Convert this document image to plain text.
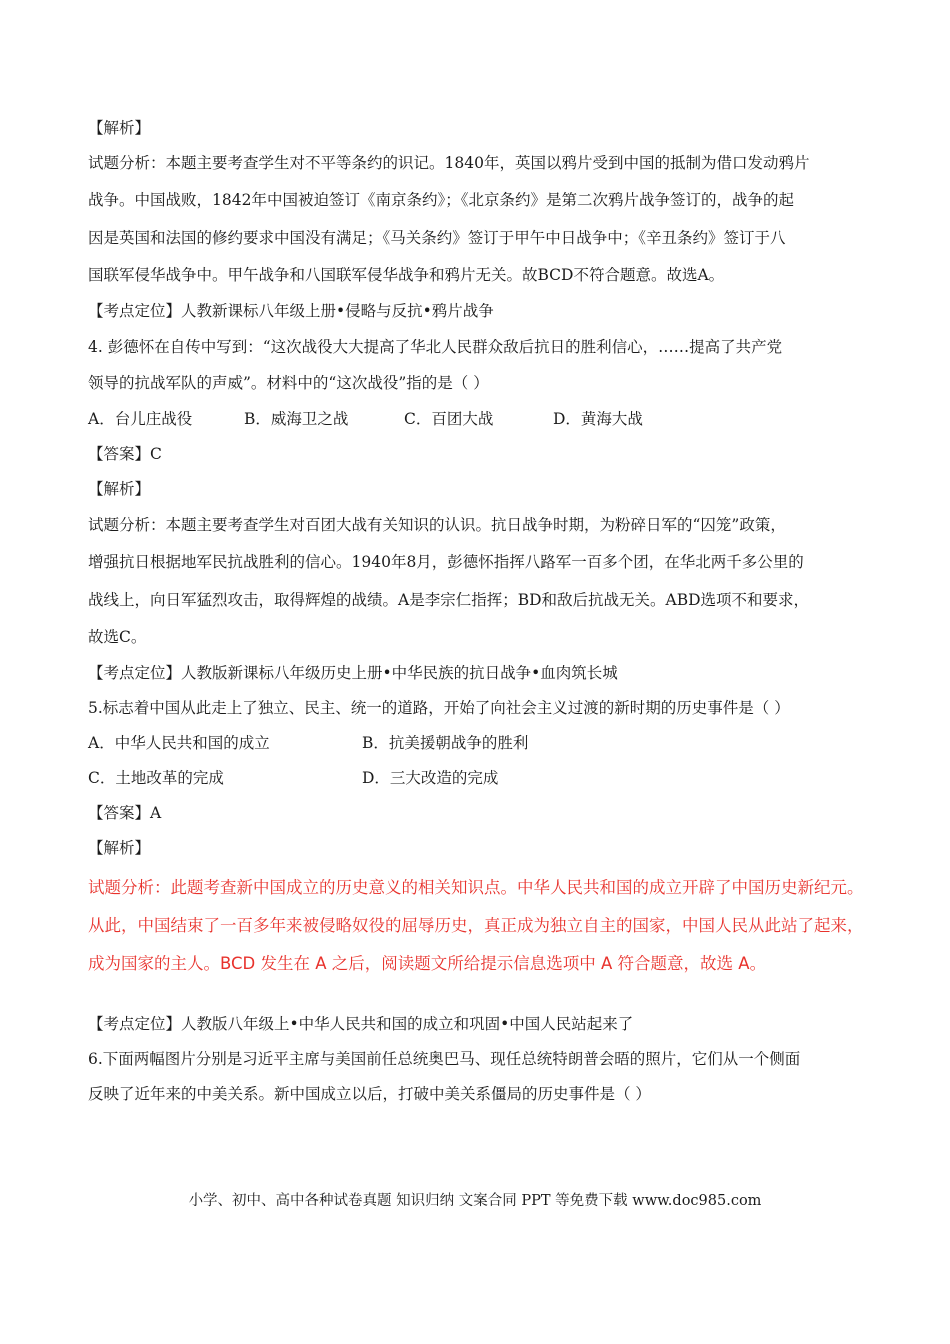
【解析】
试题分析：本题主要考查学生对不平等条约的识记。1840年，英国以鸦片受到中国的抵制为借口发动鸦片
战争。中国战败，1842年中国被迫签订《南京条约》；《北京条约》是第二次鸦片战争签订的，战争的起
因是英国和法国的修约要求中国没有满足；《马关条约》签订于甲午中日战争中；《辛丑条约》签订于八
国联军侵华战争中。甲午战争和八国联军侵华战争和鸦片无关。故BCD不符合题意。故选A。
【考点定位】人教新课标八年级上册•侵略与反抗•鸦片战争
4. 彭德怀在自传中写到：“这次战役大大提高了华北人民群众敌后抗日的胜利信心，……提高了共产党
领导的抗战军队的声威”。材料中的“这次战役”指的是（ ）
A．台儿庄战役	B．威海卫之战	C．百团大战	D．黄海大战
【答案】C
【解析】
试题分析：本题主要考查学生对百团大战有关知识的认识。抗日战争时期，为粉碎日军的“囚笼”政策，
增强抗日根据地军民抗战胜利的信心。1940年8月，彭德怀指挥八路军一百多个团，在华北两千多公里的
战线上，向日军猛烈攻击，取得辉煌的战绩。A是李宗仁指挥；BD和敌后抗战无关。ABD选项不和要求，
故选C。
【考点定位】人教版新课标八年级历史上册•中华民族的抗日战争•血肉筑长城
5.标志着中国从此走上了独立、民主、统一的道路，开始了向社会主义过渡的新时期的历史事件是（ ）
A．中华人民共和国的成立	B．抗美援朝战争的胜利
C．土地改革的完成	D．三大改造的完成
【答案】A
【解析】
试题分析：此题考查新中国成立的历史意义的相关知识点。中华人民共和国的成立开辟了中国历史新纪元。
从此，中国结束了一百多年来被侵略奴役的屈辱历史，真正成为独立自主的国家，中国人民从此站了起来，
成为国家的主人。BCD 发生在 A 之后，阅读题文所给提示信息选项中 A 符合题意，故选 A。
【考点定位】人教版八年级上•中华人民共和国的成立和巩固•中国人民站起来了
6.下面两幅图片分别是习近平主席与美国前任总统奥巴马、现任总统特朗普会晤的照片，它们从一个侧面
反映了近年来的中美关系。新中国成立以后，打破中美关系僵局的历史事件是（ ）
小学、初中、高中各种试卷真题 知识归纳 文案合同 PPT 等免费下载 www.doc985.com
